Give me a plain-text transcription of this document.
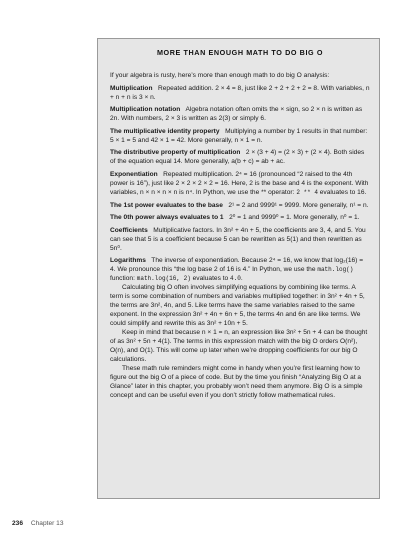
MORE THAN ENOUGH MATH TO DO BIG O
If your algebra is rusty, here’s more than enough math to do big O analysis:
Multiplication Repeated addition. 2 × 4 = 8, just like 2 + 2 + 2 + 2 = 8. With variables, n + n + n is 3 × n.
Multiplication notation Algebra notation often omits the × sign, so 2 × n is written as 2n. With numbers, 2 × 3 is written as 2(3) or simply 6.
The multiplicative identity property Multiplying a number by 1 results in that number: 5 × 1 = 5 and 42 × 1 = 42. More generally, n × 1 = n.
The distributive property of multiplication 2 × (3 + 4) = (2 × 3) + (2 × 4). Both sides of the equation equal 14. More generally, a(b + c) = ab + ac.
Exponentiation Repeated multiplication. 2⁴ = 16 (pronounced “2 raised to the 4th power is 16”), just like 2 × 2 × 2 × 2 = 16. Here, 2 is the base and 4 is the exponent. With variables, n × n × n × n is n⁴. In Python, we use the ** operator: 2 ** 4 evaluates to 16.
The 1st power evaluates to the base 2¹ = 2 and 9999¹ = 9999. More generally, n¹ = n.
The 0th power always evaluates to 1 2⁰ = 1 and 9999⁰ = 1. More generally, n⁰ = 1.
Coefficients Multiplicative factors. In 3n² + 4n + 5, the coefficients are 3, 4, and 5. You can see that 5 is a coefficient because 5 can be rewritten as 5(1) and then rewritten as 5n⁰.
Logarithms The inverse of exponentiation. Because 2⁴ = 16, we know that log₂(16) = 4. We pronounce this “the log base 2 of 16 is 4.” In Python, we use the math.log() function: math.log(16, 2) evaluates to 4.0.
Calculating big O often involves simplifying equations by combining like terms. A term is some combination of numbers and variables multiplied together: in 3n² + 4n + 5, the terms are 3n², 4n, and 5. Like terms have the same variables raised to the same exponent. In the expression 3n² + 4n + 6n + 5, the terms 4n and 6n are like terms. We could simplify and rewrite this as 3n² + 10n + 5.
Keep in mind that because n × 1 = n, an expression like 3n² + 5n + 4 can be thought of as 3n² + 5n + 4(1). The terms in this expression match with the big O orders O(n²), O(n), and O(1). This will come up later when we’re dropping coefficients for our big O calculations.
These math rule reminders might come in handy when you’re first learning how to figure out the big O of a piece of code. But by the time you finish “Analyzing Big O at a Glance” later in this chapter, you probably won’t need them anymore. Big O is a simple concept and can be useful even if you don’t strictly follow mathematical rules.
236 Chapter 13
